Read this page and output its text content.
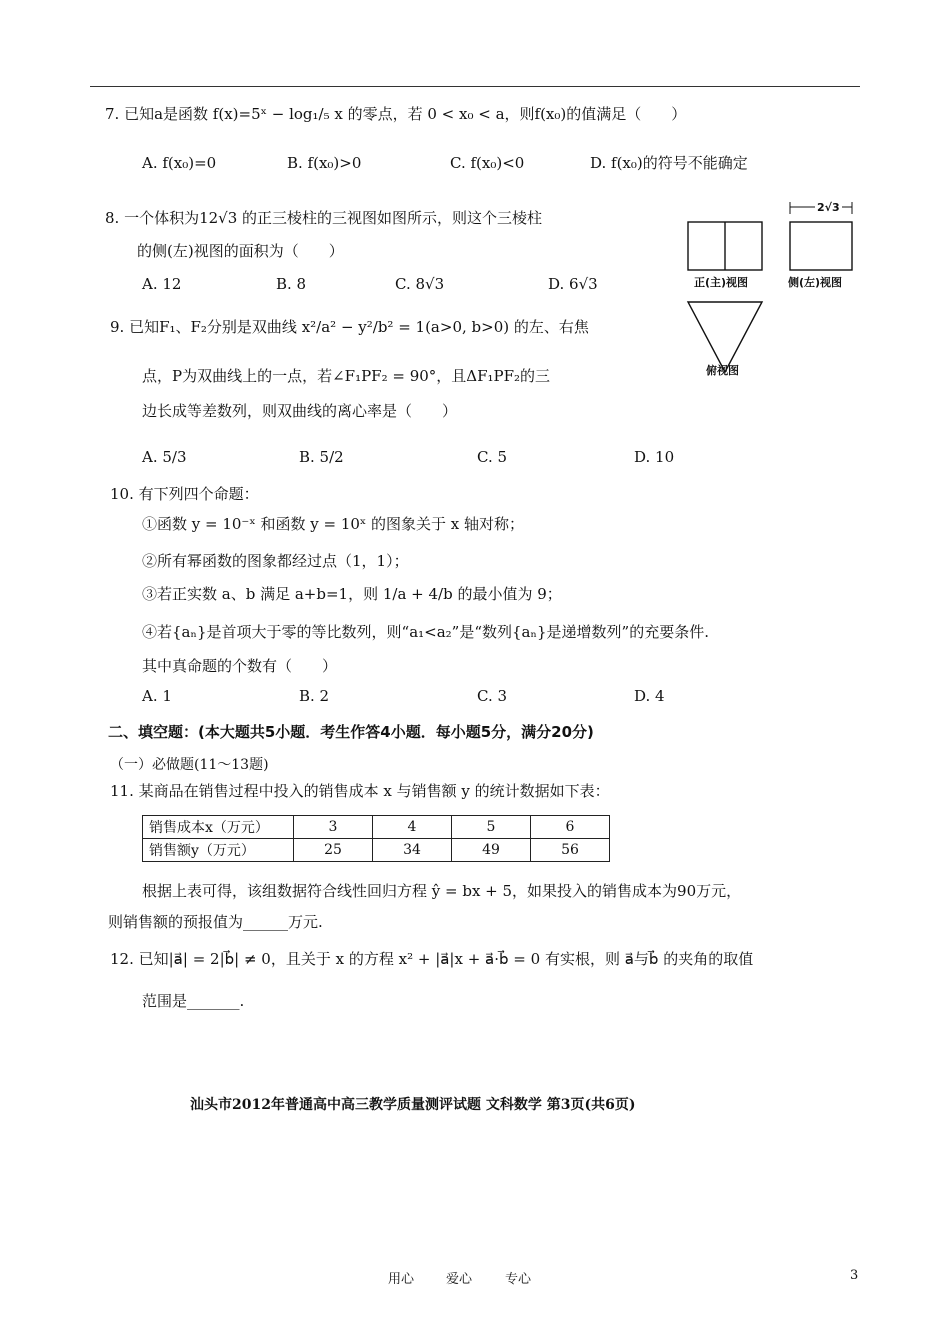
7. 已知a是函数 f(x)=5ˣ − log₁/₅ x 的零点，若 0 < x₀ < a，则f(x₀)的值满足（　　）
A. f(x₀)=0	B. f(x₀)>0	C. f(x₀)<0	D. f(x₀)的符号不能确定
8. 一个体积为12√3 的正三棱柱的三视图如图所示，则这个三棱柱
的侧(左)视图的面积为（　　）
A. 12	B. 8	C. 8√3	D. 6√3
2√3
正(主)视图	侧(左)视图
俯视图
9. 已知F₁、F₂分别是双曲线 x²/a² − y²/b² = 1(a>0, b>0) 的左、右焦
点，P为双曲线上的一点，若∠F₁PF₂ = 90°，且ΔF₁PF₂的三
边长成等差数列，则双曲线的离心率是（　　）
A. 5/3	B. 5/2	C. 5	D. 10
10. 有下列四个命题：
①函数 y = 10⁻ˣ 和函数 y = 10ˣ 的图象关于 x 轴对称；
②所有幂函数的图象都经过点（1，1）；
③若正实数 a、b 满足 a+b=1，则 1/a + 4/b 的最小值为 9；
④若{aₙ}是首项大于零的等比数列，则“a₁<a₂”是“数列{aₙ}是递增数列”的充要条件.
其中真命题的个数有（　　）
A. 1	B. 2	C. 3	D. 4
二、填空题：(本大题共5小题．考生作答4小题．每小题5分，满分20分)
（一）必做题(11～13题)
11. 某商品在销售过程中投入的销售成本 x 与销售额 y 的统计数据如下表：
销售成本x（万元）	3	4	5	6
销售额y（万元）	25	34	49	56
根据上表可得，该组数据符合线性回归方程 ŷ = bx + 5，如果投入的销售成本为90万元，
则销售额的预报值为______万元.
12. 已知|a⃗| = 2|b⃗| ≠ 0，且关于 x 的方程 x² + |a⃗|x + a⃗·b⃗ = 0 有实根，则 a⃗与b⃗ 的夹角的取值
范围是_______.
汕头市2012年普通高中高三教学质量测评试题 文科数学 第3页(共6页)
用心 爱心	专心	3
